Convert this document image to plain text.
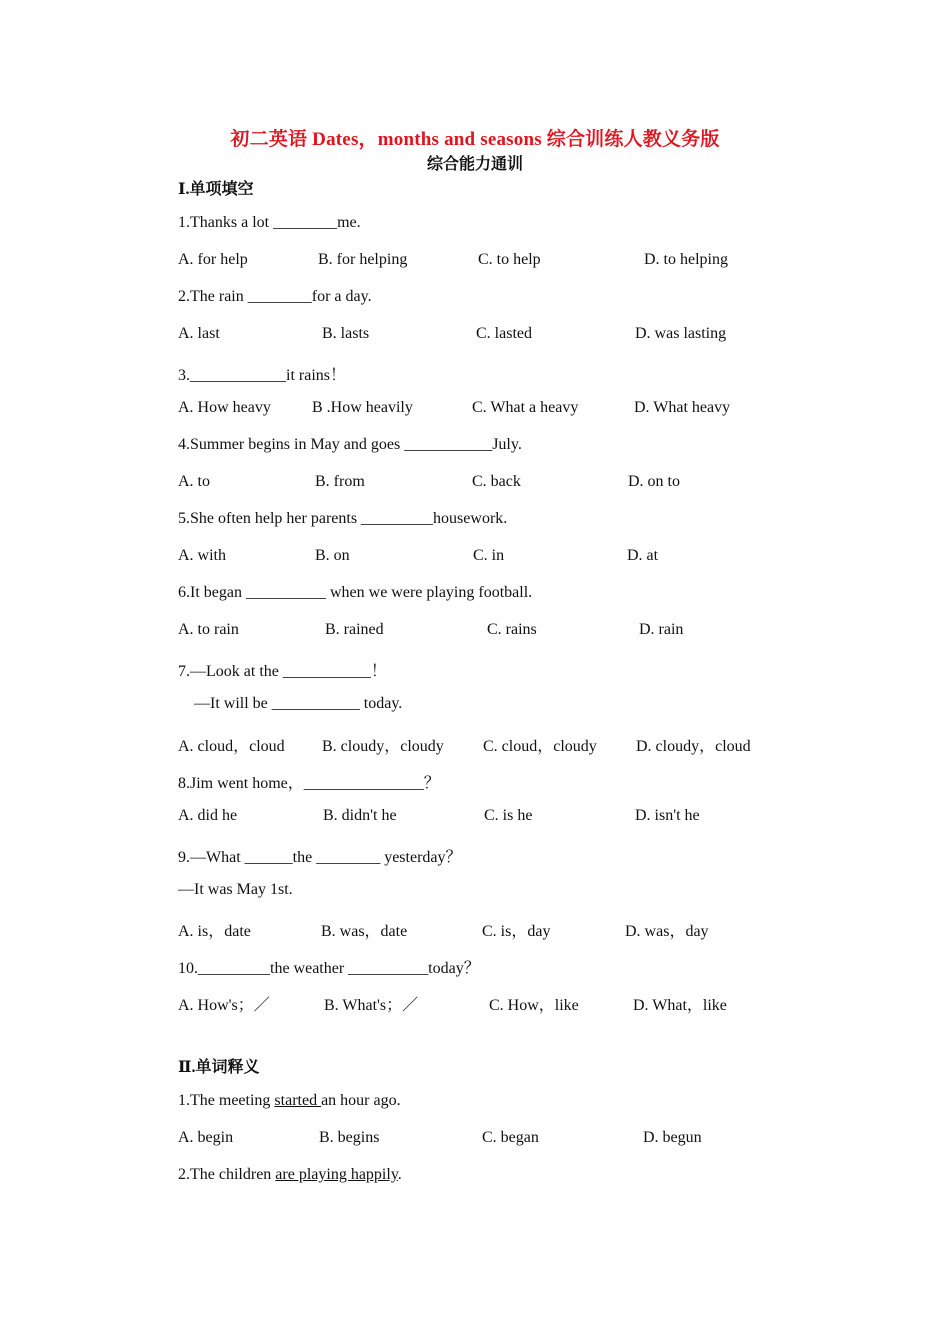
初二英语 Dates，months and seasons 综合训练人教义务版
综合能力通训
Ⅰ.单项填空
1.Thanks a lot ________me.
A. for help	B. for helping	C. to help	D. to helping
2.The rain ________for a day.
A. last	B. lasts	C. lasted	D. was lasting
3.____________it rains！
A. How heavy	B .How heavily	C. What a heavy	D. What heavy
4.Summer begins in May and goes ___________July.
A. to	B. from	C. back	D. on to
5.She often help her parents _________housework.
A. with	B. on	C. in	D. at
6.It began __________ when we were playing football.
A. to rain	B. rained	C. rains	D. rain
7.—Look at the ___________！
—It will be ___________ today.
A. cloud，cloud B. cloudy，cloudy C. cloud，cloudy D. cloudy，cloud
8.Jim went home，_______________？
A. did he	B. didn't he	C. is he	D. isn't he
9.—What ______the ________ yesterday？
—It was May 1st.
A. is，date	B. was，date	C. is，day	D. was，day
10._________the weather __________today？
A. How's；／	B. What's；／	C. How，like	D. What，like
Ⅱ.单词释义
1.The meeting started an hour ago.
A. begin	B. begins	C. began	D. begun
2.The children are playing happily.
